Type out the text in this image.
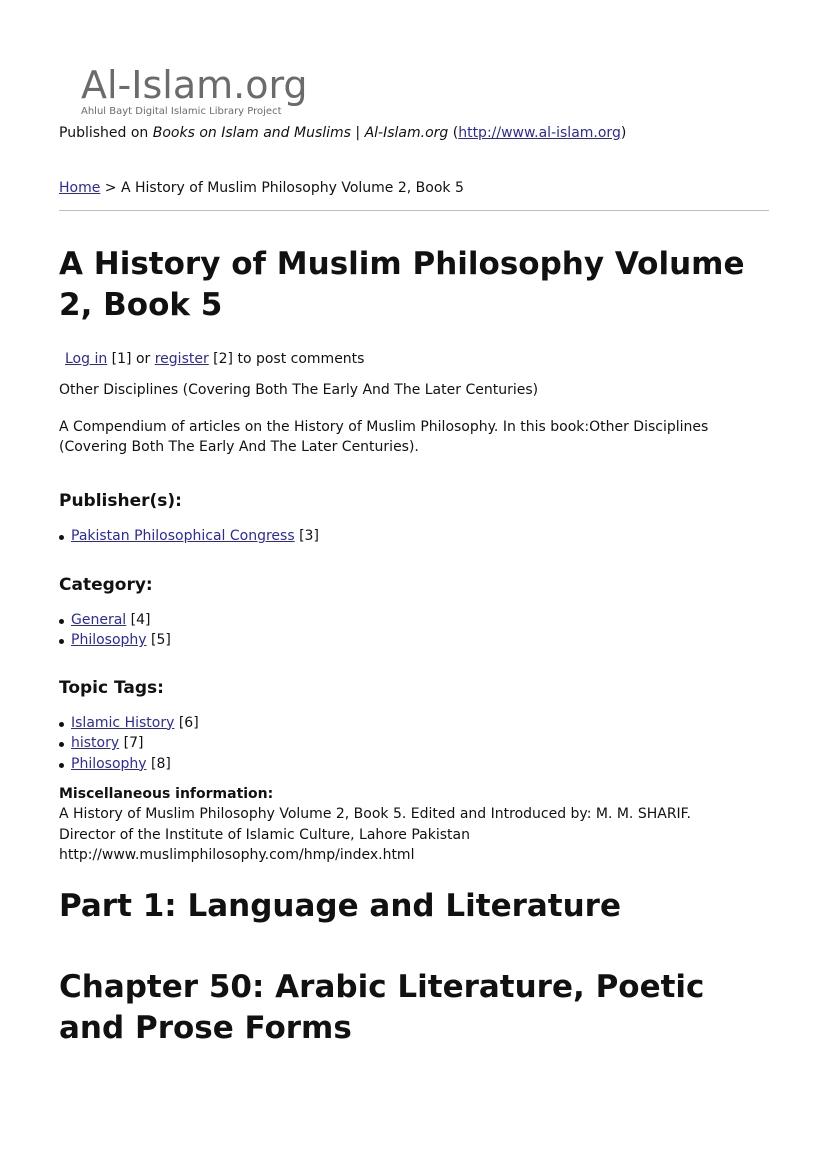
Al-Islam.org
Ahlul Bayt Digital Islamic Library Project
Published on Books on Islam and Muslims | Al-Islam.org (http://www.al-islam.org)
Home > A History of Muslim Philosophy Volume 2, Book 5
A History of Muslim Philosophy Volume 2, Book 5
Log in [1] or register [2] to post comments

Other Disciplines (Covering Both The Early And The Later Centuries)

A Compendium of articles on the History of Muslim Philosophy. In this book:Other Disciplines (Covering Both The Early And The Later Centuries).

Publisher(s):
Pakistan Philosophical Congress [3]
Category:
General [4]
Philosophy [5]
Topic Tags:
Islamic History [6]
history [7]
Philosophy [8]
Miscellaneous information:
A History of Muslim Philosophy Volume 2, Book 5. Edited and Introduced by: M. M. SHARIF.
Director of the Institute of Islamic Culture, Lahore Pakistan
http://www.muslimphilosophy.com/hmp/index.html
Part 1: Language and Literature
Chapter 50: Arabic Literature, Poetic and Prose Forms
